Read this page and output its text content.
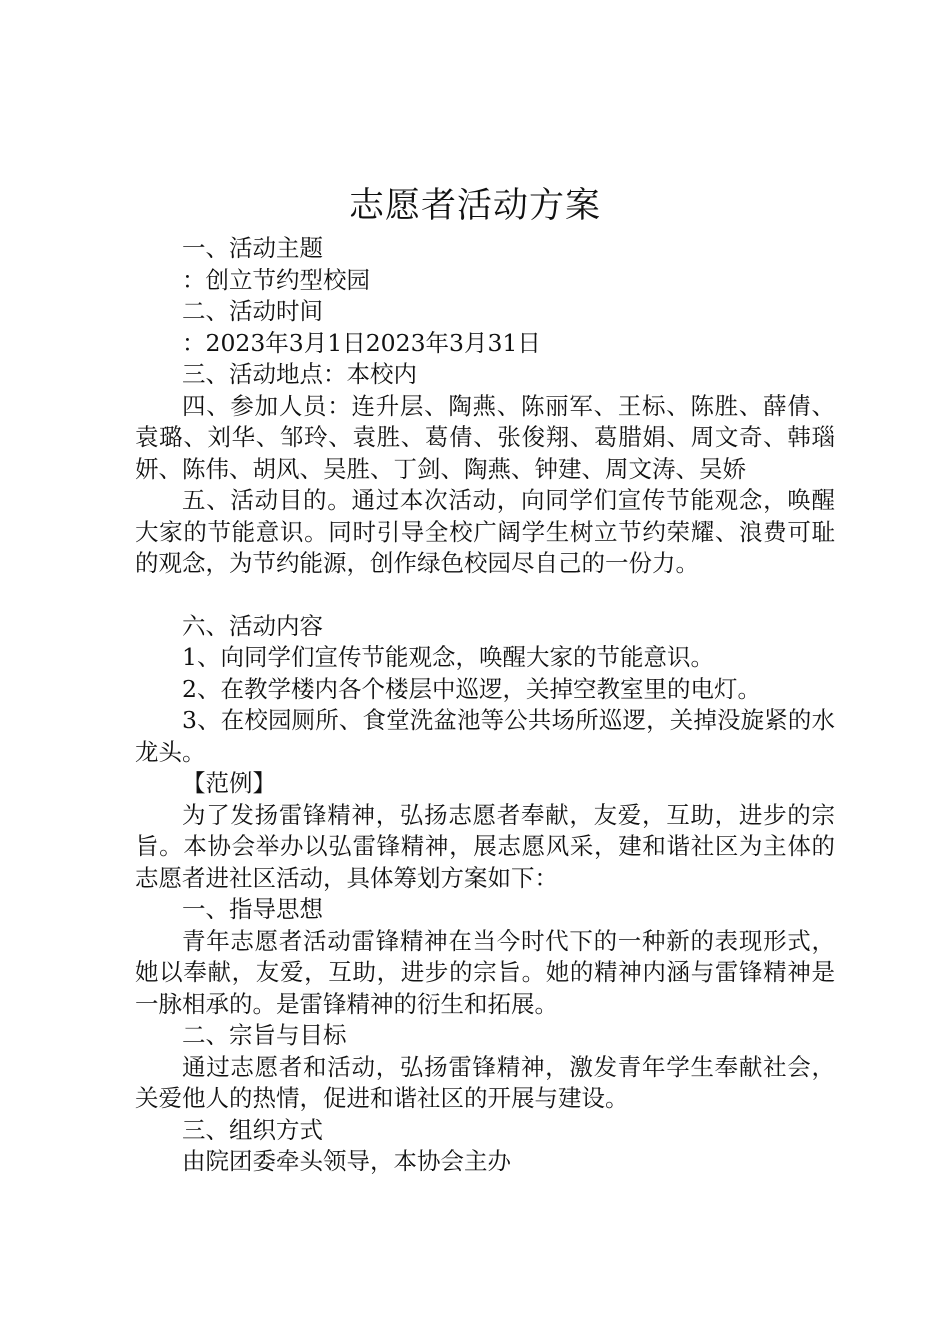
志愿者活动方案

一、活动主题

：创立节约型校园

二、活动时间

：2023年3月1日2023年3月31日

三、活动地点：本校内

四、参加人员：连升层、陶燕、陈丽军、王标、陈胜、薛倩、袁璐、刘华、邹玲、袁胜、葛倩、张俊翔、葛腊娟、周文奇、韩瑙妍、陈伟、胡风、吴胜、丁剑、陶燕、钟建、周文涛、吴娇

五、活动目的。通过本次活动，向同学们宣传节能观念，唤醒大家的节能意识。同时引导全校广阔学生树立节约荣耀、浪费可耻的观念，为节约能源，创作绿色校园尽自己的一份力。

六、活动内容

1、向同学们宣传节能观念，唤醒大家的节能意识。

2、在教学楼内各个楼层中巡逻，关掉空教室里的电灯。

3、在校园厕所、食堂洗盆池等公共场所巡逻，关掉没旋紧的水龙头。

【范例】

为了发扬雷锋精神，弘扬志愿者奉献，友爱，互助，进步的宗旨。本协会举办以弘雷锋精神，展志愿风采，建和谐社区为主体的志愿者进社区活动，具体筹划方案如下：

一、指导思想

青年志愿者活动雷锋精神在当今时代下的一种新的表现形式，她以奉献，友爱，互助，进步的宗旨。她的精神内涵与雷锋精神是一脉相承的。是雷锋精神的衍生和拓展。

二、宗旨与目标

通过志愿者和活动，弘扬雷锋精神，激发青年学生奉献社会，关爱他人的热情，促进和谐社区的开展与建设。

三、组织方式

由院团委牵头领导，本协会主办
